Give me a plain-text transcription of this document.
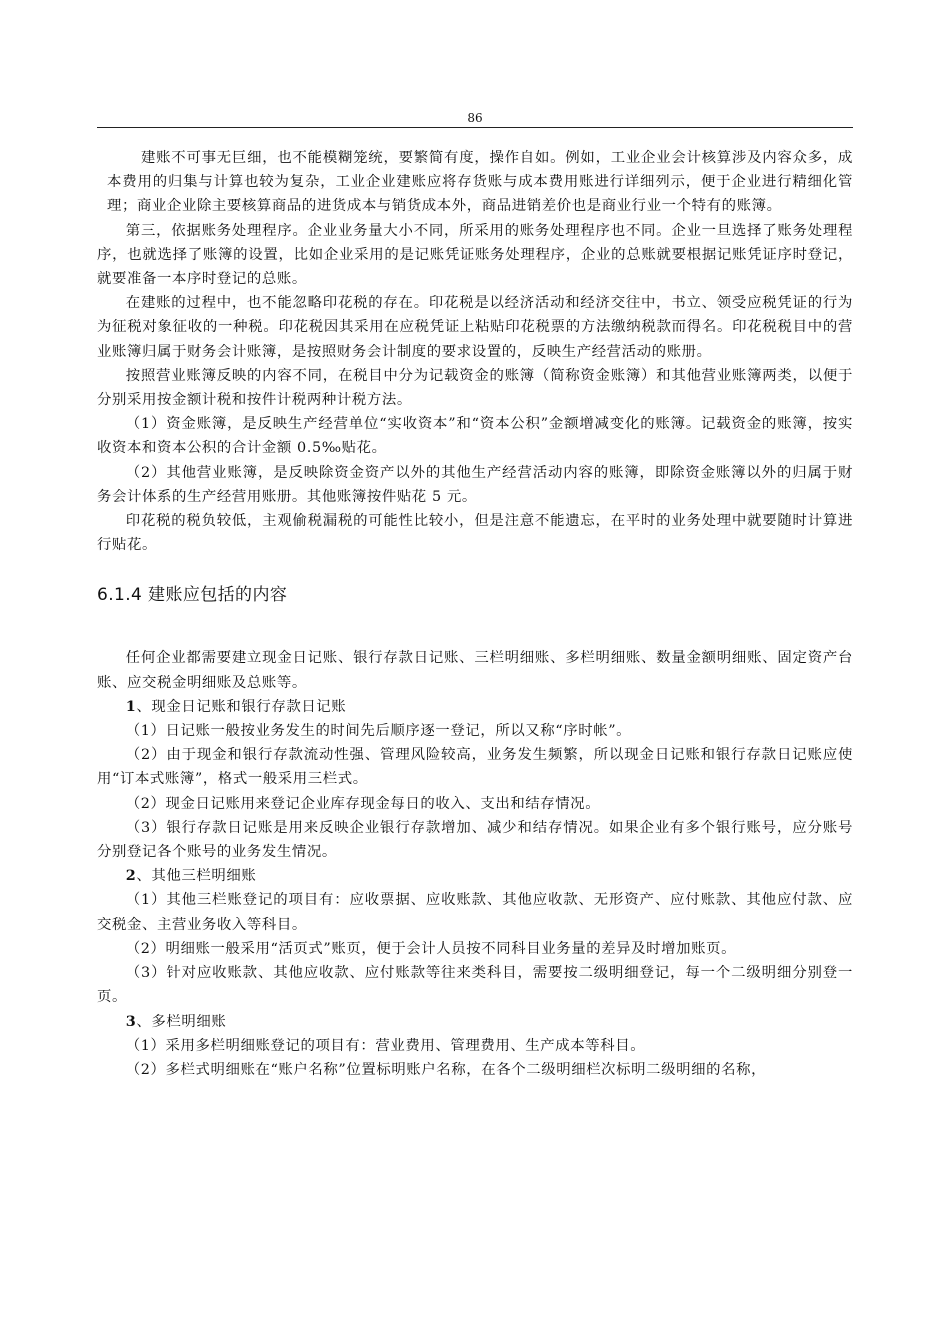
86

建账不可事无巨细，也不能模糊笼统，要繁简有度，操作自如。例如，工业企业会计核算涉及内容众多，成本费用的归集与计算也较为复杂，工业企业建账应将存货账与成本费用账进行详细列示，便于企业进行精细化管理；商业企业除主要核算商品的进货成本与销货成本外，商品进销差价也是商业行业一个特有的账簿。

第三，依据账务处理程序。企业业务量大小不同，所采用的账务处理程序也不同。企业一旦选择了账务处理程序，也就选择了账簿的设置，比如企业采用的是记账凭证账务处理程序，企业的总账就要根据记账凭证序时登记，就要准备一本序时登记的总账。

在建账的过程中，也不能忽略印花税的存在。印花税是以经济活动和经济交往中，书立、领受应税凭证的行为为征税对象征收的一种税。印花税因其采用在应税凭证上粘贴印花税票的方法缴纳税款而得名。印花税税目中的营业账簿归属于财务会计账簿，是按照财务会计制度的要求设置的，反映生产经营活动的账册。

按照营业账簿反映的内容不同，在税目中分为记载资金的账簿（简称资金账簿）和其他营业账簿两类，以便于分别采用按金额计税和按件计税两种计税方法。

（1）资金账簿，是反映生产经营单位“实收资本”和“资本公积”金额增减变化的账簿。记载资金的账簿，按实收资本和资本公积的合计金额 0.5‰贴花。

（2）其他营业账簿，是反映除资金资产以外的其他生产经营活动内容的账簿，即除资金账簿以外的归属于财务会计体系的生产经营用账册。其他账簿按件贴花 5 元。

印花税的税负较低，主观偷税漏税的可能性比较小，但是注意不能遗忘，在平时的业务处理中就要随时计算进行贴花。

6.1.4 建账应包括的内容

任何企业都需要建立现金日记账、银行存款日记账、三栏明细账、多栏明细账、数量金额明细账、固定资产台账、应交税金明细账及总账等。

1、现金日记账和银行存款日记账

（1）日记账一般按业务发生的时间先后顺序逐一登记，所以又称“序时帐”。

（2）由于现金和银行存款流动性强、管理风险较高，业务发生频繁，所以现金日记账和银行存款日记账应使用“订本式账簿”，格式一般采用三栏式。

（2）现金日记账用来登记企业库存现金每日的收入、支出和结存情况。

（3）银行存款日记账是用来反映企业银行存款增加、减少和结存情况。如果企业有多个银行账号，应分账号分别登记各个账号的业务发生情况。

2、其他三栏明细账

（1）其他三栏账登记的项目有：应收票据、应收账款、其他应收款、无形资产、应付账款、其他应付款、应交税金、主营业务收入等科目。

（2）明细账一般采用“活页式”账页，便于会计人员按不同科目业务量的差异及时增加账页。

（3）针对应收账款、其他应收款、应付账款等往来类科目，需要按二级明细登记，每一个二级明细分别登一页。

3、多栏明细账

（1）采用多栏明细账登记的项目有：营业费用、管理费用、生产成本等科目。

（2）多栏式明细账在“账户名称”位置标明账户名称，在各个二级明细栏次标明二级明细的名称，
